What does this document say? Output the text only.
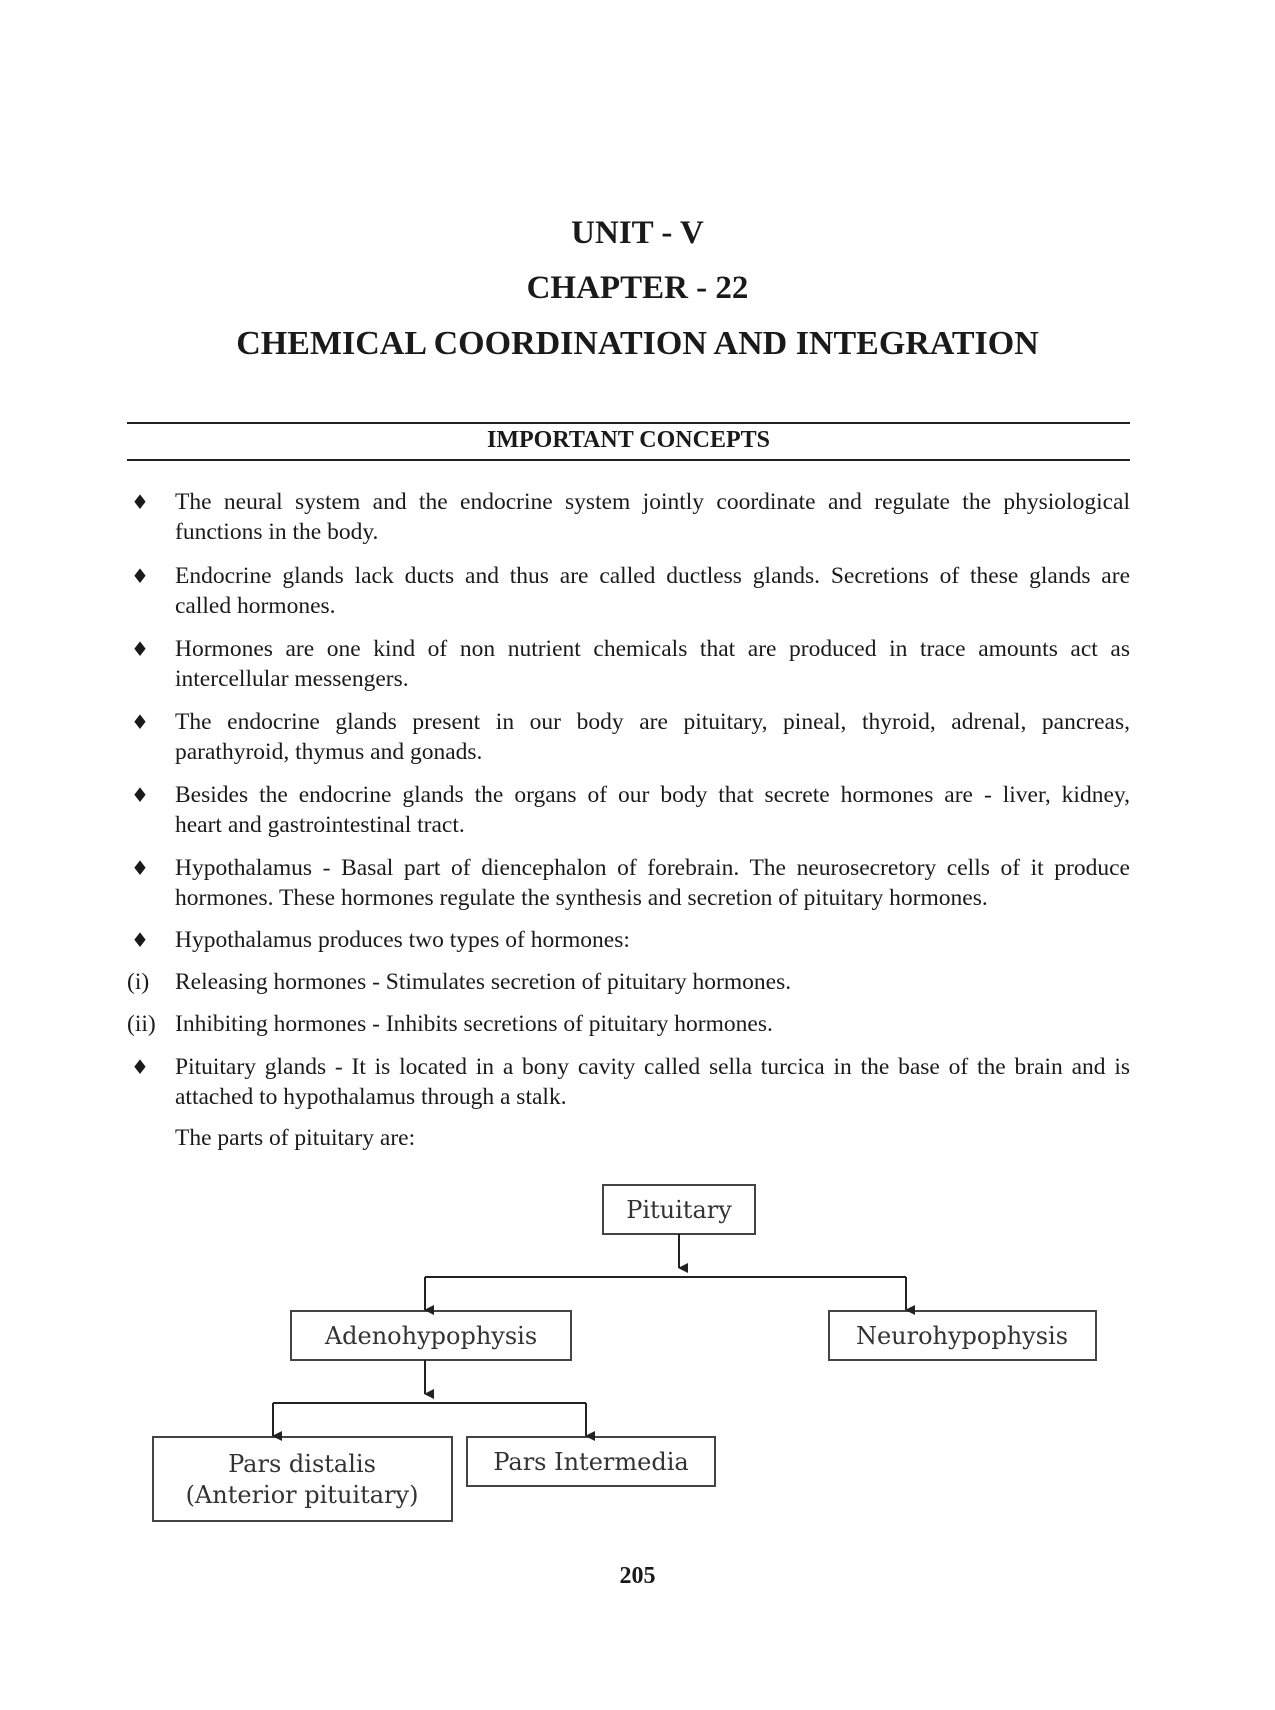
UNIT - V
CHAPTER - 22
CHEMICAL COORDINATION AND INTEGRATION
IMPORTANT CONCEPTS
♦	The neural system and the endocrine system jointly coordinate and regulate the physiological
functions in the body.
♦	Endocrine glands lack ducts and thus are called ductless glands. Secretions of these glands are
called hormones.
♦	Hormones are one kind of non nutrient chemicals that are produced in trace amounts act as
intercellular messengers.
♦	The endocrine glands present in our body are pituitary, pineal, thyroid, adrenal, pancreas,
parathyroid, thymus and gonads.
♦	Besides the endocrine glands the organs of our body that secrete hormones are - liver, kidney,
heart and gastrointestinal tract.
♦	Hypothalamus - Basal part of diencephalon of forebrain. The neurosecretory cells of it produce
hormones. These hormones regulate the synthesis and secretion of pituitary hormones.
♦	Hypothalamus produces two types of hormones:
(i)	Releasing hormones - Stimulates secretion of pituitary hormones.
(ii) Inhibiting hormones - Inhibits secretions of pituitary hormones.
♦	Pituitary glands - It is located in a bony cavity called sella turcica in the base of the brain and is
attached to hypothalamus through a stalk.
The parts of pituitary are:
Pituitary
Adenohypophysis	Neurohypophysis
Pars distalis
(Anterior pituitary)
Pars Intermedia
205
